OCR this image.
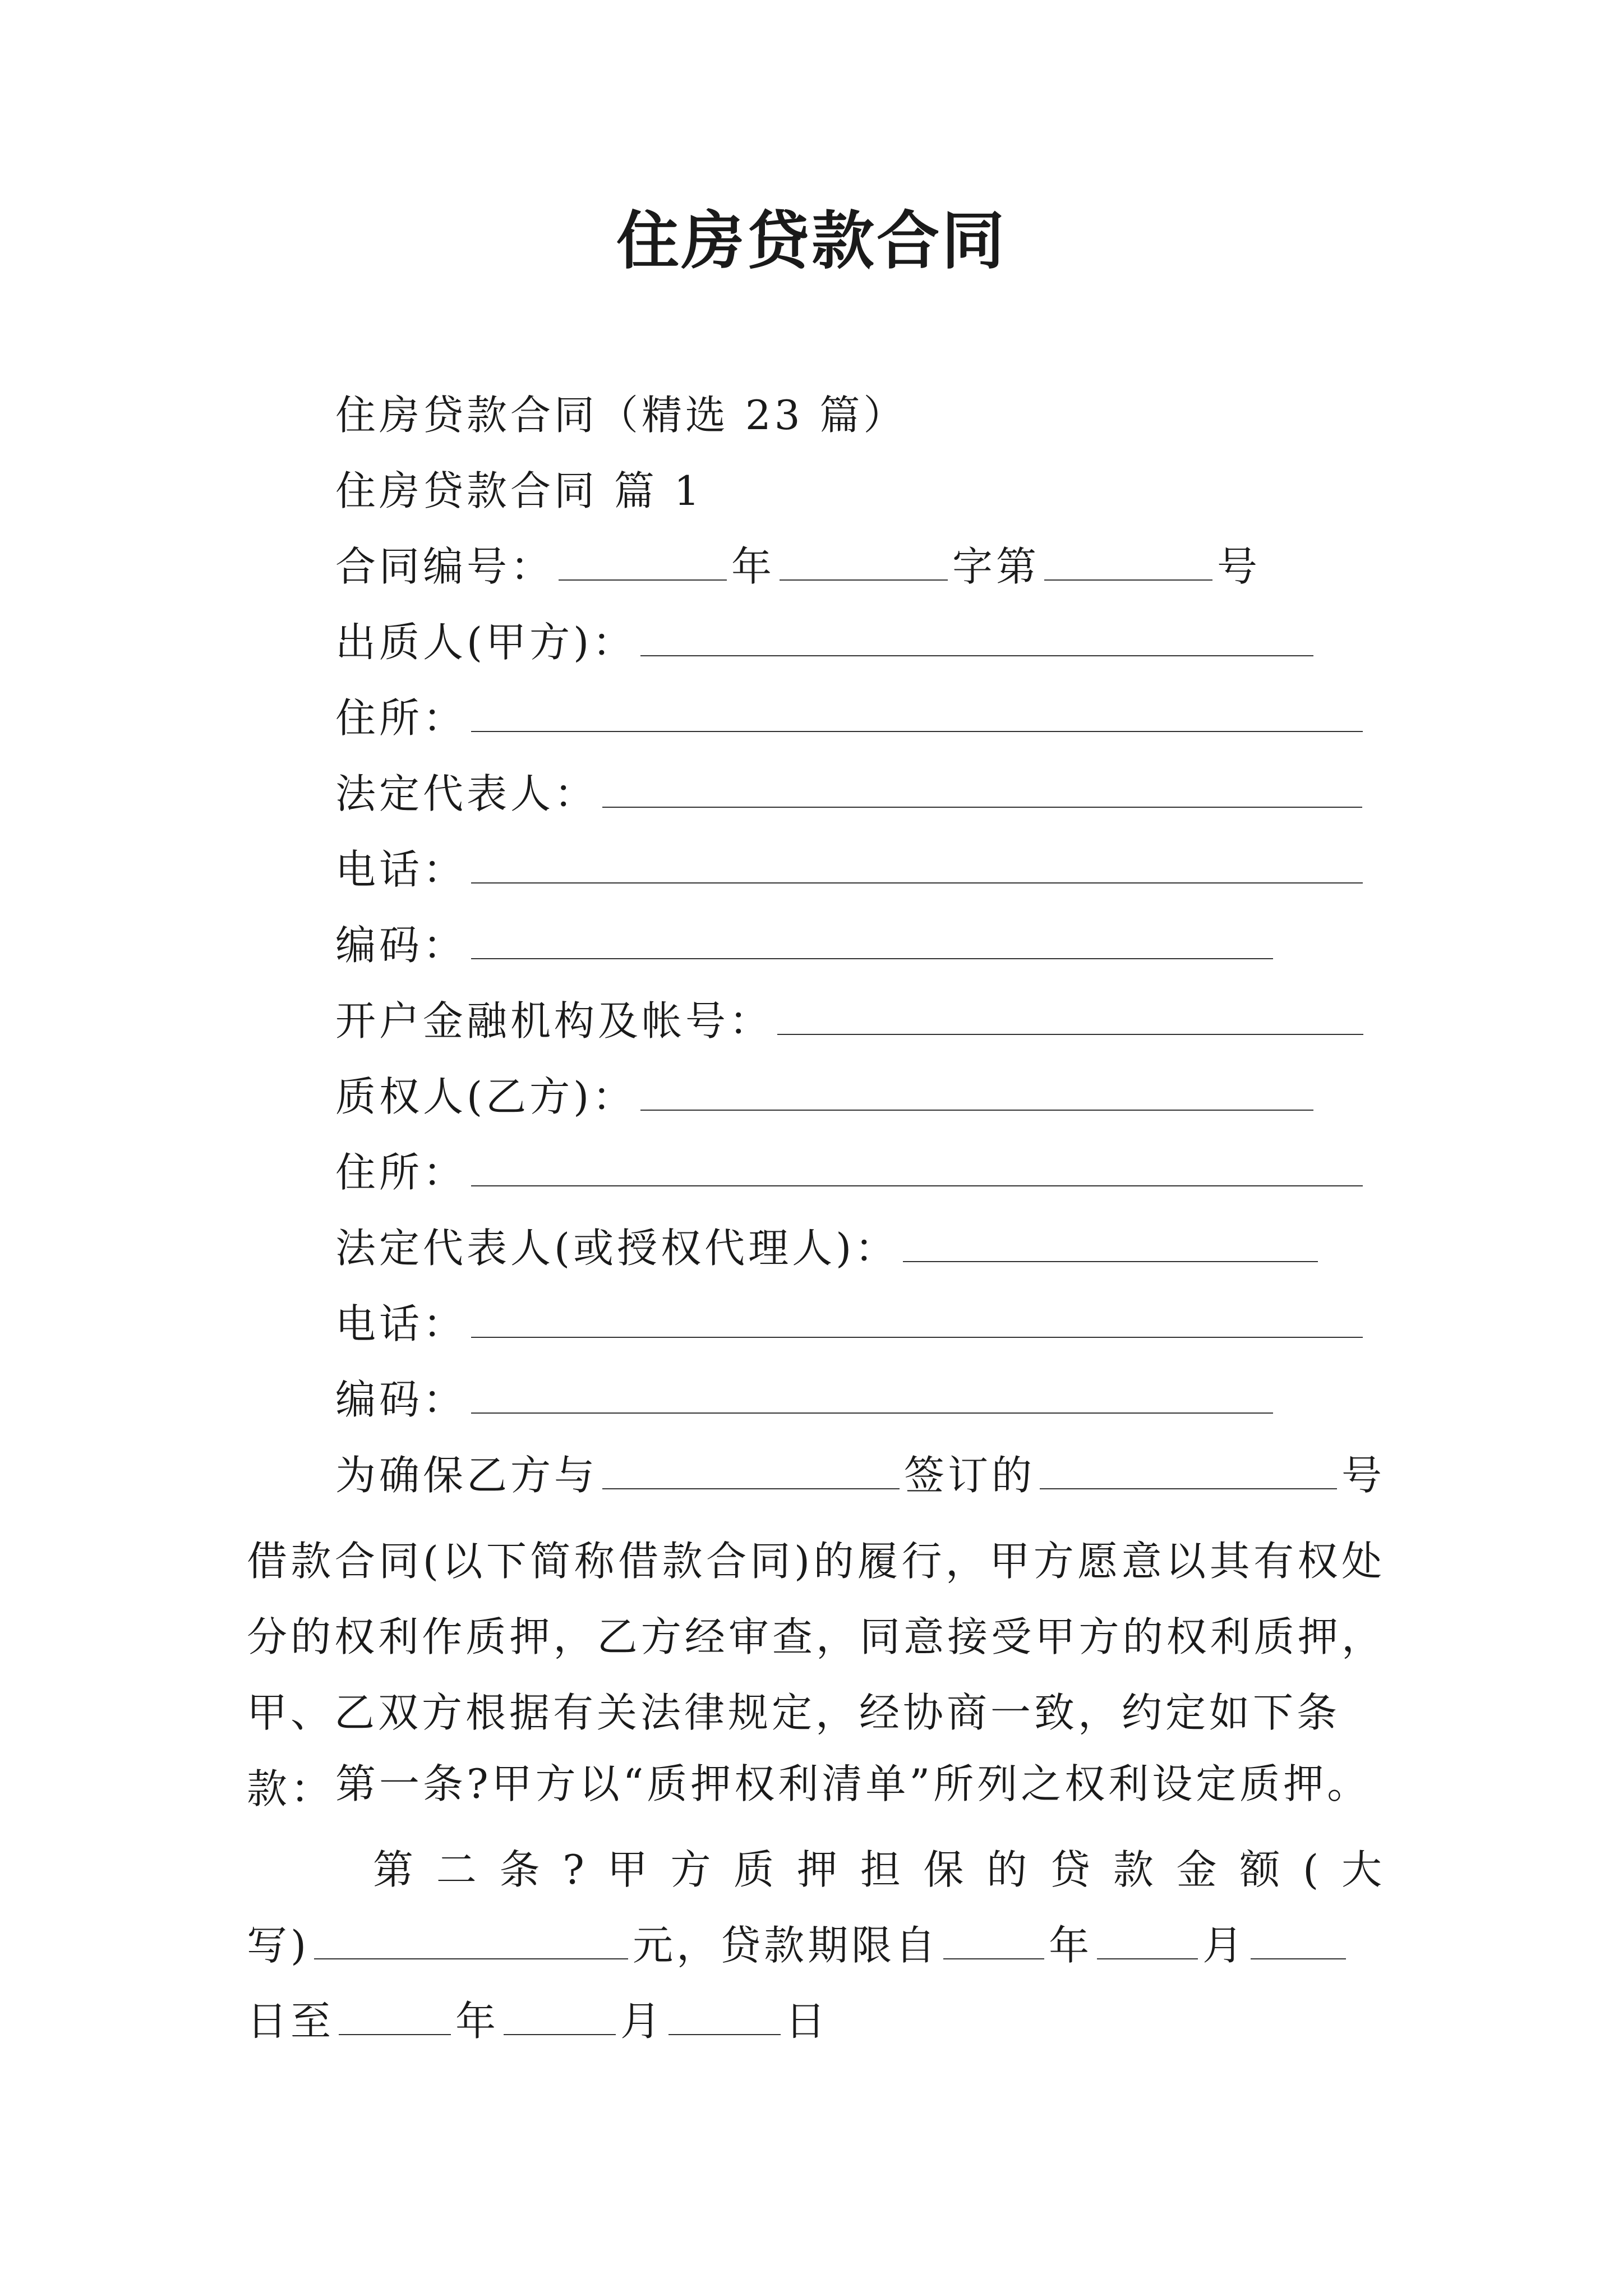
住房贷款合同
住房贷款合同（精选 23 篇）
住房贷款合同 篇 1
合同编号：	年	字第	号
出质人(甲方)：
住所：
法定代表人：
电话：
编码：
开户金融机构及帐号：
质权人(乙方)：
住所：
法定代表人(或授权代理人)：
电话：
编码：
为确保乙方与	签订的	号
借款合同(以下简称借款合同)的履行，甲方愿意以其有权处
分的权利作质押，乙方经审查，同意接受甲方的权利质押，
甲、乙双方根据有关法律规定，经协商一致，约定如下条款： 第一条?甲方以“质押权利清单”所列之权利设定质押。
第二条?甲方质押担保的贷款金额(大
写)	元，贷款期限自	年	月
日至	年	月	日
